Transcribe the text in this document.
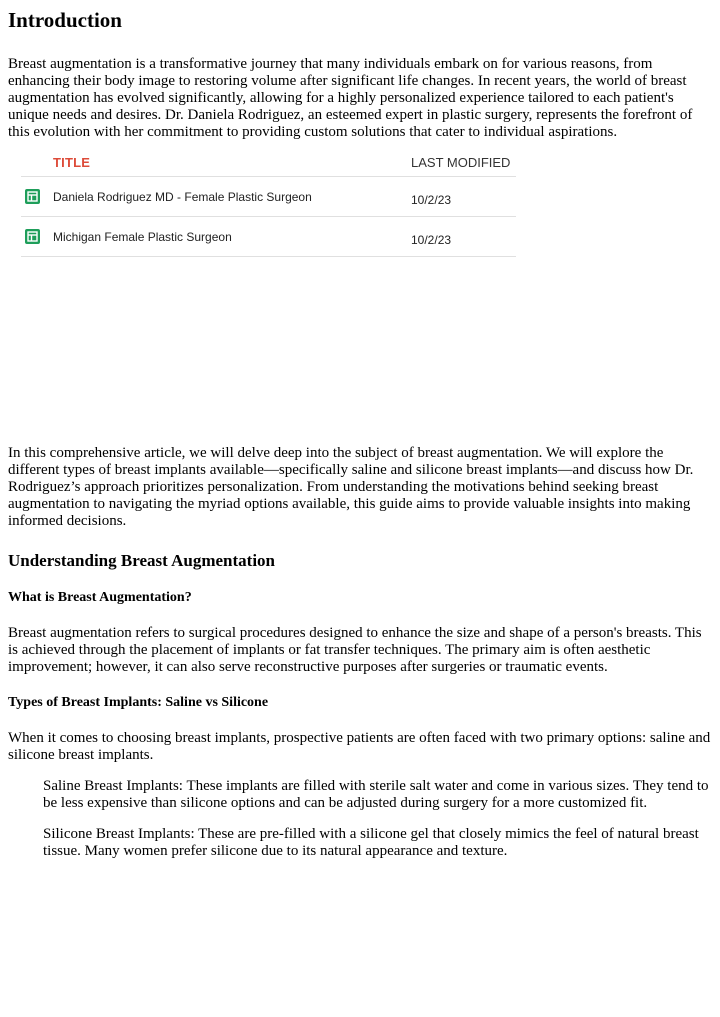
Introduction

Breast augmentation is a transformative journey that many individuals embark on for various reasons, from enhancing their body image to restoring volume after significant life changes. In recent years, the world of breast augmentation has evolved significantly, allowing for a highly personalized experience tailored to each patient's unique needs and desires. Dr. Daniela Rodriguez, an esteemed expert in plastic surgery, represents the forefront of this evolution with her commitment to providing custom solutions that cater to individual aspirations.

TITLE	LAST MODIFIED
Daniela Rodriguez MD - Female Plastic Surgeon	10/2/23
Michigan Female Plastic Surgeon	10/2/23

In this comprehensive article, we will delve deep into the subject of breast augmentation. We will explore the different types of breast implants available—specifically saline and silicone breast implants—and discuss how Dr. Rodriguez’s approach prioritizes personalization. From understanding the motivations behind seeking breast augmentation to navigating the myriad options available, this guide aims to provide valuable insights into making informed decisions.

Understanding Breast Augmentation
What is Breast Augmentation?

Breast augmentation refers to surgical procedures designed to enhance the size and shape of a person's breasts. This is achieved through the placement of implants or fat transfer techniques. The primary aim is often aesthetic improvement; however, it can also serve reconstructive purposes after surgeries or traumatic events.

Types of Breast Implants: Saline vs Silicone

When it comes to choosing breast implants, prospective patients are often faced with two primary options: saline and silicone breast implants.

Saline Breast Implants: These implants are filled with sterile salt water and come in various sizes. They tend to be less expensive than silicone options and can be adjusted during surgery for a more customized fit.
Silicone Breast Implants: These are pre-filled with a silicone gel that closely mimics the feel of natural breast tissue. Many women prefer silicone due to its natural appearance and texture.
